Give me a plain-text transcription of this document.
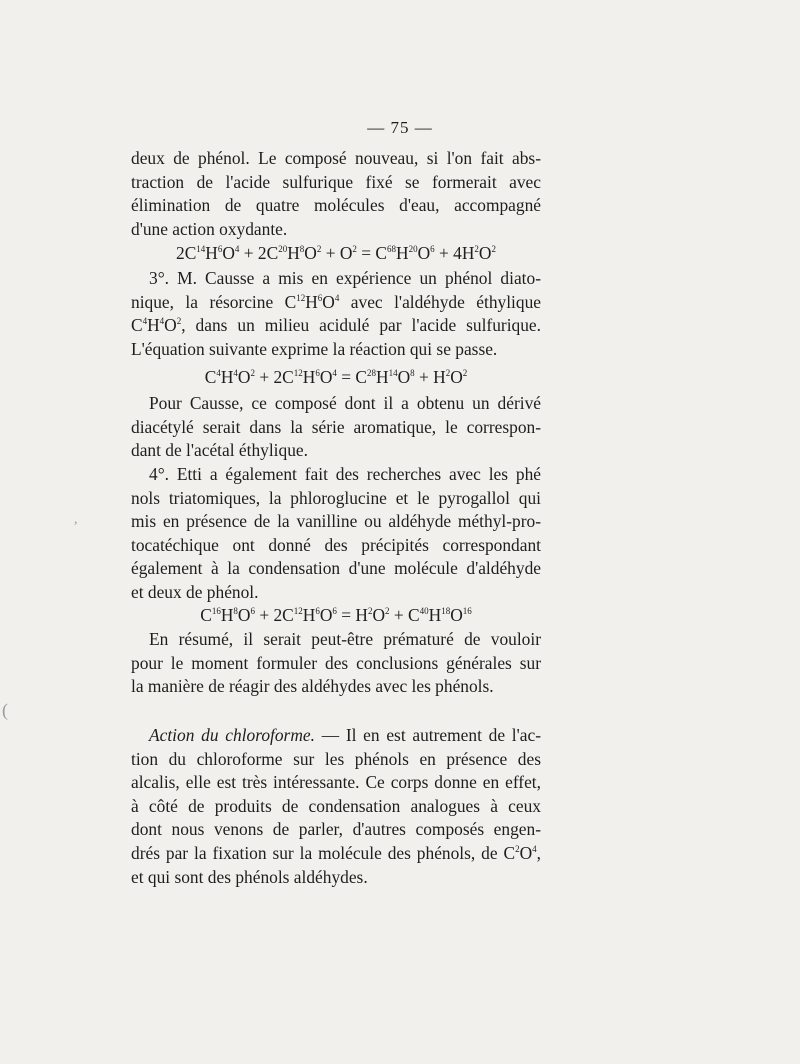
— 75 —

deux de phénol. Le composé nouveau, si l'on fait abs-

traction de l'acide sulfurique fixé se formerait avec

élimination de quatre molécules d'eau, accompagné

d'une action oxydante.

$2C^{14}H^6O^4 + 2C^{20}H^8O^2 + O^2 = C^{68}H^{20}O^6 + 4H^2O^2$

3°. M. Causse a mis en expérience un phénol diato-

nique, la résorcine $C^{12}H^6O^4$ avec l'aldéhyde éthylique

$C^4H^4O^2$, dans un milieu acidulé par l'acide sulfurique.

L'équation suivante exprime la réaction qui se passe.

$C^4H^4O^2 + 2C^{12}H^6O^4 = C^{28}H^{14}O^8 + H^2O^2$

Pour Causse, ce composé dont il a obtenu un dérivé

diacétylé serait dans la série aromatique, le correspon-

dant de l'acétal éthylique.

4°. Etti a également fait des recherches avec les phé

nols triatomiques, la phloroglucine et le pyrogallol qui

mis en présence de la vanilline ou aldéhyde méthyl-pro-

tocatéchique ont donné des précipités correspondant

également à la condensation d'une molécule d'aldéhyde

et deux de phénol.

$C^{16}H^8O^6 + 2C^{12}H^6O^6 = H^2O^2 + C^{40}H^{18}O^{16}$

En résumé, il serait peut-être prématuré de vouloir

pour le moment formuler des conclusions générales sur

la manière de réagir des aldéhydes avec les phénols.

Action du chloroforme. — Il en est autrement de l'ac-

tion du chloroforme sur les phénols en présence des

alcalis, elle est très intéressante. Ce corps donne en effet,

à côté de produits de condensation analogues à ceux

dont nous venons de parler, d'autres composés engen-

drés par la fixation sur la molécule des phénols, de $C^2O^4$,

et qui sont des phénols aldéhydes.

,
(
